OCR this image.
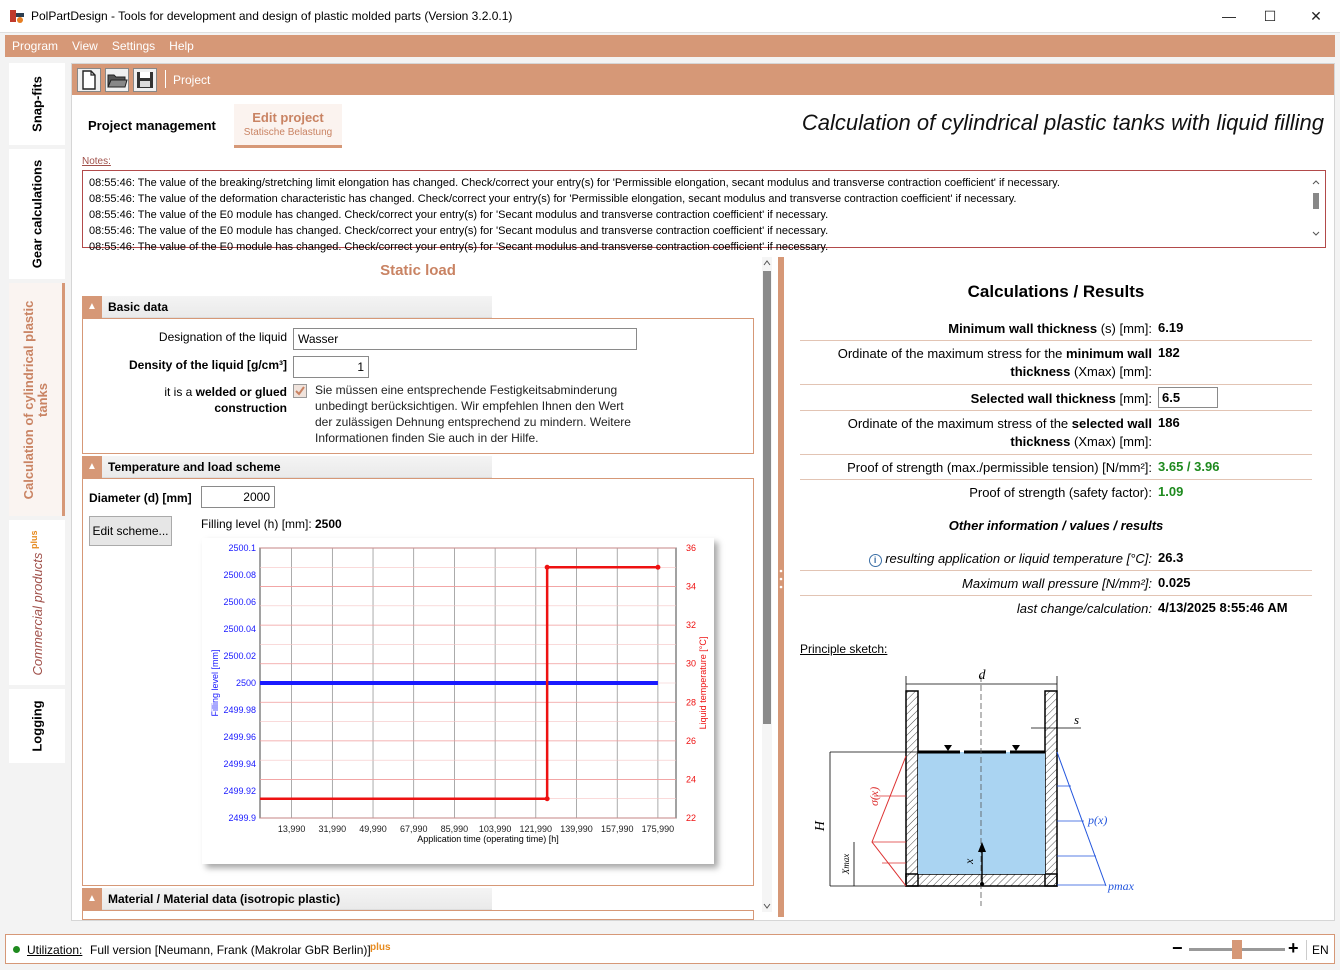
PolPartDesign - Tools for development and design of plastic molded parts (Version 3.2.0.1)	—	☐	✕
Program View Settings Help
Snap-fits
Gear calculations
Calculation of cylindrical plastic tanks
Commercial products $^{plus}$
Logging
Project
Project management
Edit project
Statische Belastung	Calculation of cylindrical plastic tanks with liquid filling
Notes:
08:55:46: The value of the breaking/stretching limit elongation has changed. Check/correct your entry(s) for 'Permissible elongation, secant modulus and transverse contraction coefficient' if necessary.
08:55:46: The value of the deformation characteristic has changed. Check/correct your entry(s) for 'Permissible elongation, secant modulus and transverse contraction coefficient' if necessary.
08:55:46: The value of the E0 module has changed. Check/correct your entry(s) for 'Secant modulus and transverse contraction coefficient' if necessary.
08:55:46: The value of the E0 module has changed. Check/correct your entry(s) for 'Secant modulus and transverse contraction coefficient' if necessary.
08:55:46: The value of the E0 module has changed. Check/correct your entry(s) for 'Secant modulus and transverse contraction coefficient' if necessary.
Static load
▲ Basic data
Designation of the liquid Wasser
Density of the liquid [g/cm³]	1
it is a welded or glued construction
Sie müssen eine entsprechende Festigkeitsabminderung unbedingt berücksichtigen. Wir empfehlen Ihnen den Wert der zulässigen Dehnung entsprechend zu mindern. Weitere Informationen finden Sie auch in der Hilfe.
▲ Temperature and load scheme
Diameter (d) [mm]	2000
Edit scheme...	Filling level (h) [mm]: 2500
13,990 31,990 49,990 67,990 85,990 103,990 121,990 139,990 157,990 175,990
2500.1
2500.08
2500.06
2500.04
2500.02
2500
2499.98
2499.96
2499.94
2499.92
2499.9
36
34
32
30
28
26
24
22
Application time (operating time) [h]
Filling level [mm]	Liquid temperature [°C]
▲ Material / Material data (isotropic plastic)
Calculations / Results
Minimum wall thickness (s) [mm]: 6.19
Ordinate of the maximum stress for the minimum wall thickness (Xmax) [mm]:
182
Selected wall thickness [mm]: 6.5
Ordinate of the maximum stress of the selected wall thickness (Xmax) [mm]:
186
Proof of strength (max./permissible tension) [N/mm²]: 3.65 / 3.96
Proof of strength (safety factor): 1.09
Other information / values / results
i resulting application or liquid temperature [°C]: 26.3
Maximum wall pressure [N/mm²]: 0.025
last change/calculation: 4/13/2025 8:55:46 AM
Principle sketch:
d
s
H
Xmax
σ(x)
p(x)
pmax
x
Utilization: Full version [Neumann, Frank (Makrolar GbR Berlin)] plus	−	+ EN
